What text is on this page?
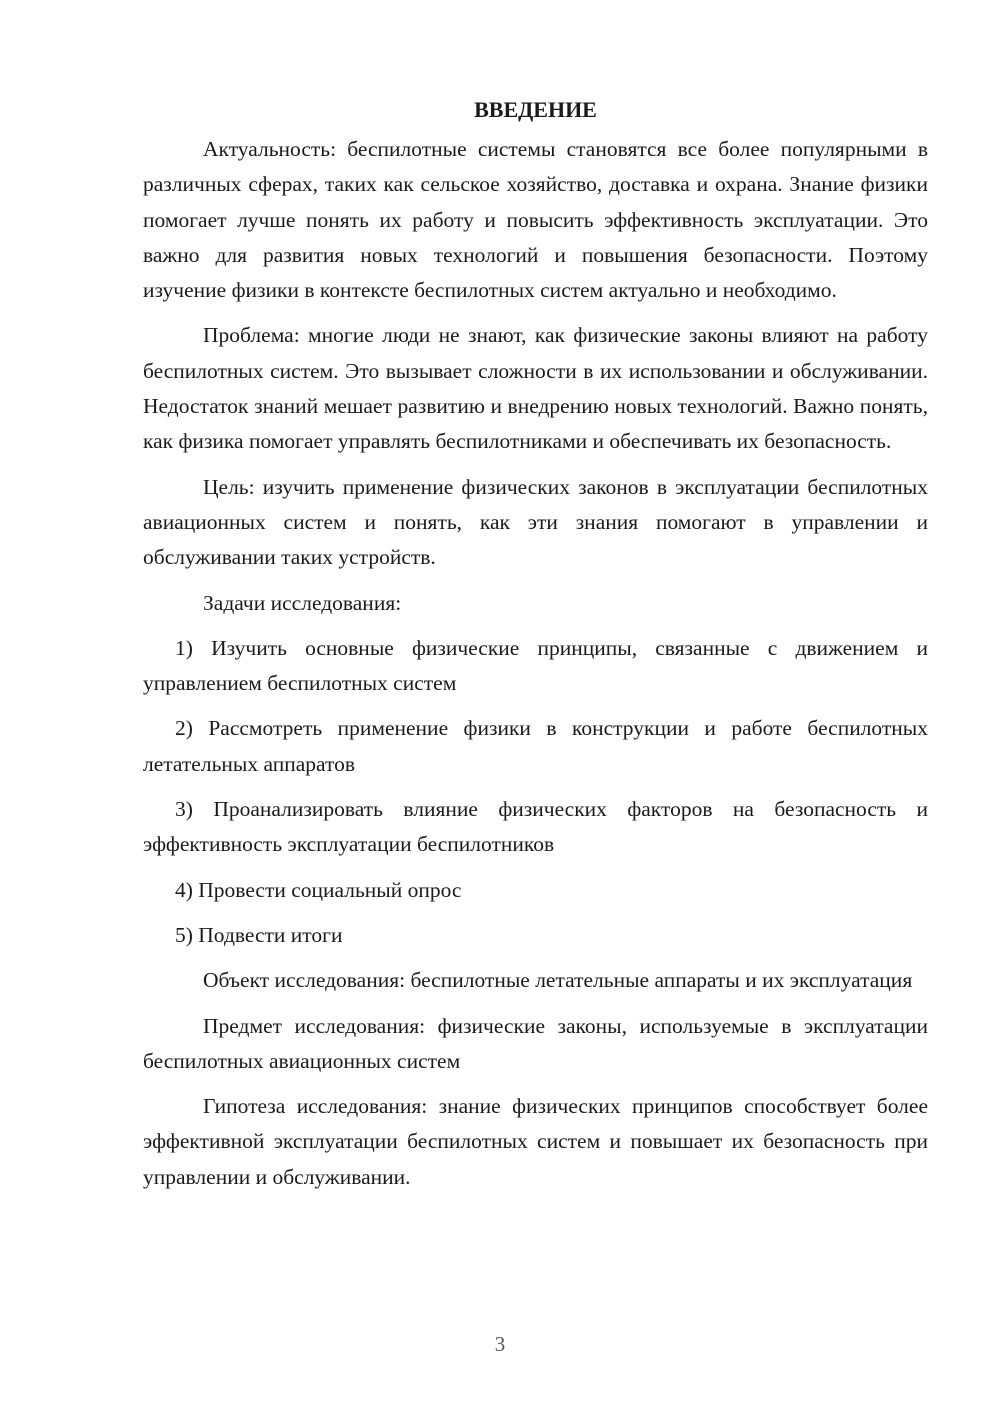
ВВЕДЕНИЕ

Актуальность: беспилотные системы становятся все более популярными в различных сферах, таких как сельское хозяйство, доставка и охрана. Знание физики помогает лучше понять их работу и повысить эффективность эксплуатации. Это важно для развития новых технологий и повышения безопасности. Поэтому изучение физики в контексте беспилотных систем актуально и необходимо.

Проблема: многие люди не знают, как физические законы влияют на работу беспилотных систем. Это вызывает сложности в их использовании и обслуживании. Недостаток знаний мешает развитию и внедрению новых технологий. Важно понять, как физика помогает управлять беспилотниками и обеспечивать их безопасность.

Цель: изучить применение физических законов в эксплуатации беспилотных авиационных систем и понять, как эти знания помогают в управлении и обслуживании таких устройств.

Задачи исследования:

1) Изучить основные физические принципы, связанные с движением и управлением беспилотных систем

2) Рассмотреть применение физики в конструкции и работе беспилотных летательных аппаратов

3) Проанализировать влияние физических факторов на безопасность и эффективность эксплуатации беспилотников

4) Провести социальный опрос

5) Подвести итоги

Объект исследования: беспилотные летательные аппараты и их эксплуатация

Предмет исследования: физические законы, используемые в эксплуатации беспилотных авиационных систем

Гипотеза исследования: знание физических принципов способствует более эффективной эксплуатации беспилотных систем и повышает их безопасность при управлении и обслуживании.

3
